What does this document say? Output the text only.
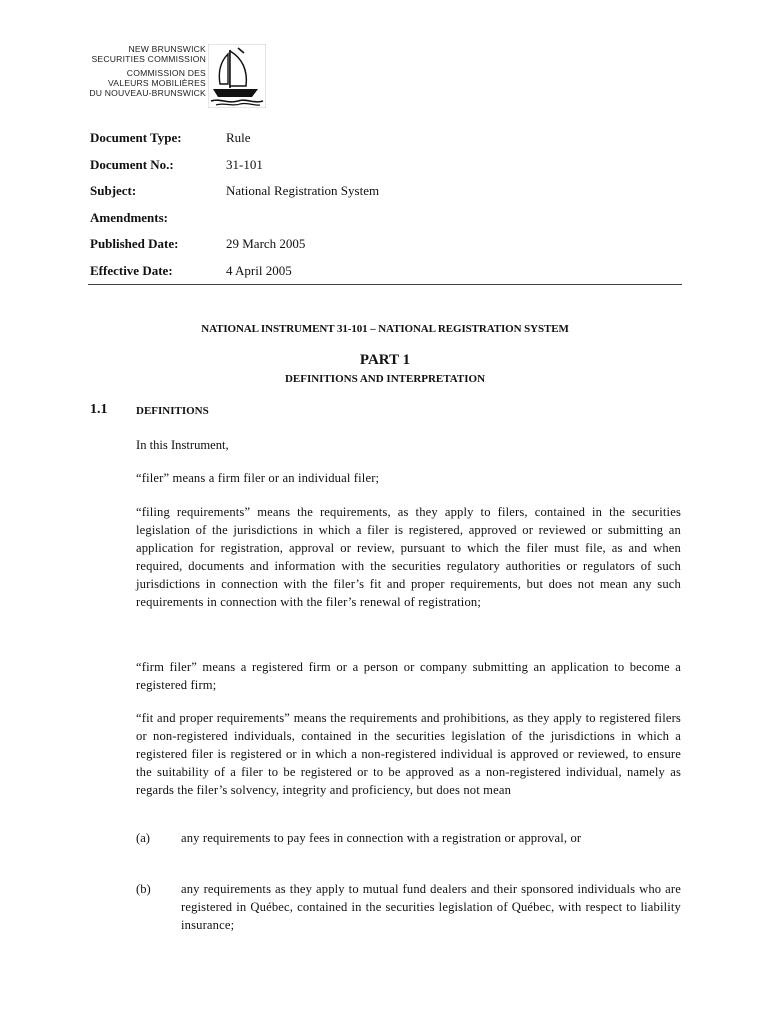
NEW BRUNSWICK
SECURITIES COMMISSION
COMMISSION DES
VALEURS MOBILIÈRES
DU NOUVEAU-BRUNSWICK
Document Type:	Rule
Document No.:	31-101
Subject:	National Registration System
Amendments:
Published Date:	29 March 2005
Effective Date:	4 April 2005
NATIONAL INSTRUMENT 31-101 – NATIONAL REGISTRATION SYSTEM
PART 1
DEFINITIONS AND INTERPRETATION
1.1	DEFINITIONS
In this Instrument,
“filer” means a firm filer or an individual filer;
“filing requirements” means the requirements, as they apply to filers, contained in the securities legislation of the jurisdictions in which a filer is registered, approved or reviewed or submitting an application for registration, approval or review, pursuant to which the filer must file, as and when required, documents and information with the securities regulatory authorities or regulators of such jurisdictions in connection with the filer’s fit and proper requirements, but does not mean any such requirements in connection with the filer’s renewal of registration;
“firm filer” means a registered firm or a person or company submitting an application to become a registered firm;
“fit and proper requirements” means the requirements and prohibitions, as they apply to registered filers or non-registered individuals, contained in the securities legislation of the jurisdictions in which a registered filer is registered or in which a non-registered individual is approved or reviewed, to ensure the suitability of a filer to be registered or to be approved as a non-registered individual, namely as regards the filer’s solvency, integrity and proficiency, but does not mean
(a) any requirements to pay fees in connection with a registration or approval, or
(b) any requirements as they apply to mutual fund dealers and their sponsored individuals who are registered in Québec, contained in the securities legislation of Québec, with respect to liability insurance;
